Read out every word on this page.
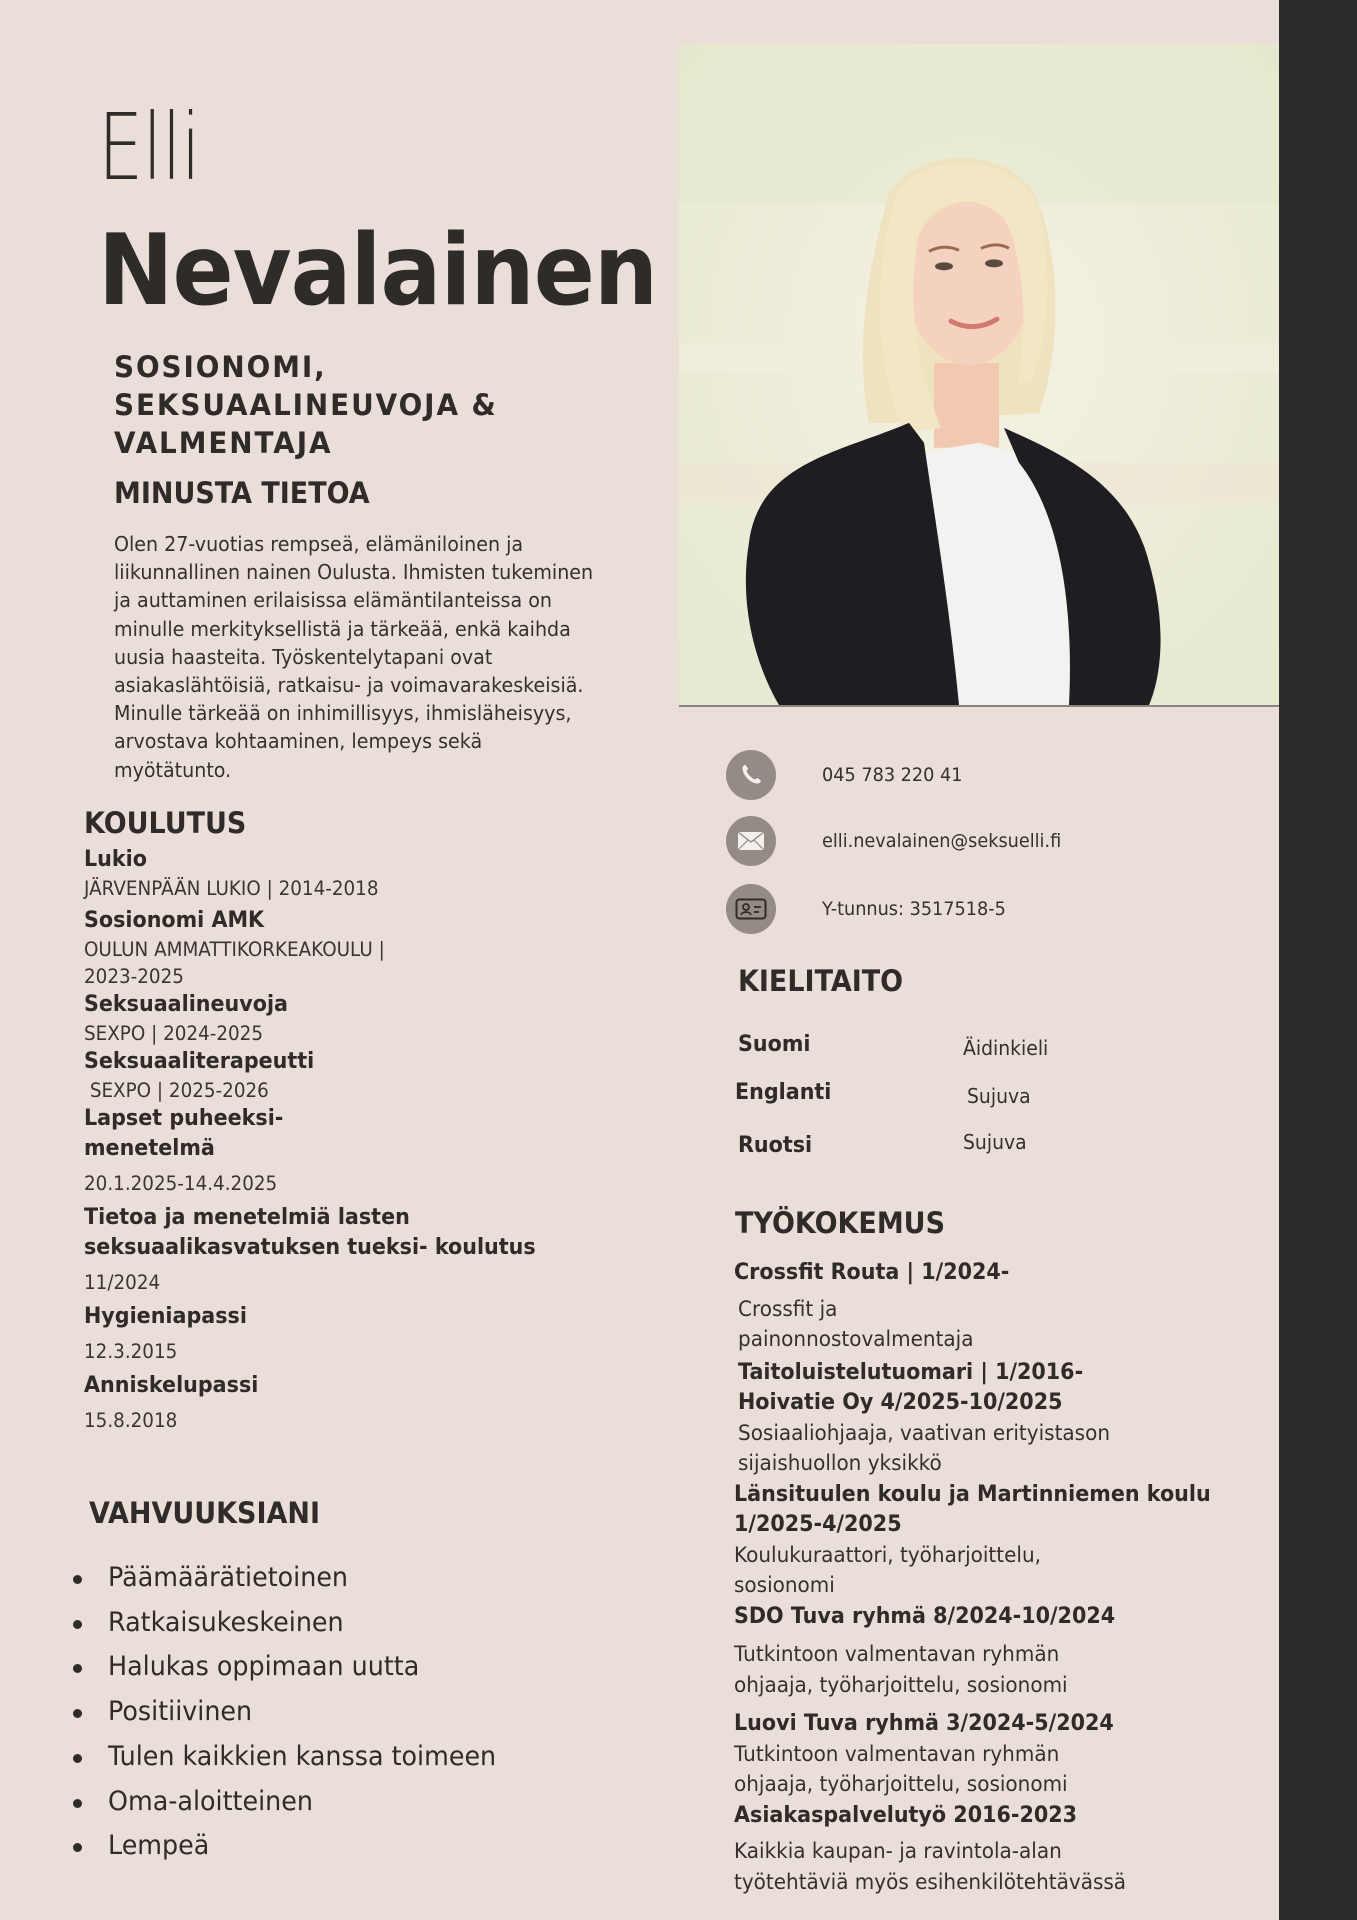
Elli
Nevalainen
SOSIONOMI,
SEKSUAALINEUVOJA &
VALMENTAJA
MINUSTA TIETOA
Olen 27-vuotias rempseä, elämäniloinen ja
liikunnallinen nainen Oulusta. Ihmisten tukeminen
ja auttaminen erilaisissa elämäntilanteissa on
minulle merkityksellistä ja tärkeää, enkä kaihda
uusia haasteita. Työskentelytapani ovat
asiakaslähtöisiä, ratkaisu- ja voimavarakeskeisiä.
Minulle tärkeää on inhimillisyys, ihmisläheisyys,
arvostava kohtaaminen, lempeys sekä
myötätunto.
KOULUTUS
Lukio
JÄRVENPÄÄN LUKIO | 2014-2018
Sosionomi AMK
OULUN AMMATTIKORKEAKOULU |
2023-2025
Seksuaalineuvoja
SEXPO | 2024-2025
Seksuaaliterapeutti
SEXPO | 2025-2026
Lapset puheeksi-
menetelmä
20.1.2025-14.4.2025
Tietoa ja menetelmiä lasten
seksuaalikasvatuksen tueksi- koulutus
11/2024
Hygieniapassi
12.3.2015
Anniskelupassi
15.8.2018
VAHVUUKSIANI
Päämäärätietoinen
Ratkaisukeskeinen
Halukas oppimaan uutta
Positiivinen
Tulen kaikkien kanssa toimeen
Oma-aloitteinen
Lempeä
045 783 220 41
elli.nevalainen@seksuelli.fi
Y-tunnus: 3517518-5
KIELITAITO
Suomi	Äidinkieli
Englanti	Sujuva
Ruotsi	Sujuva
TYÖKOKEMUS
Crossfit Routa | 1/2024-
Crossfit ja
painonnostovalmentaja
Taitoluistelutuomari | 1/2016-
Hoivatie Oy 4/2025-10/2025
Sosiaaliohjaaja, vaativan erityistason
sijaishuollon yksikkö
Länsituulen koulu ja Martinniemen koulu
1/2025-4/2025
Koulukuraattori, työharjoittelu,
sosionomi
SDO Tuva ryhmä 8/2024-10/2024
Tutkintoon valmentavan ryhmän
ohjaaja, työharjoittelu, sosionomi
Luovi Tuva ryhmä 3/2024-5/2024
Tutkintoon valmentavan ryhmän
ohjaaja, työharjoittelu, sosionomi
Asiakaspalvelutyö 2016-2023
Kaikkia kaupan- ja ravintola-alan
työtehtäviä myös esihenkilötehtävässä
